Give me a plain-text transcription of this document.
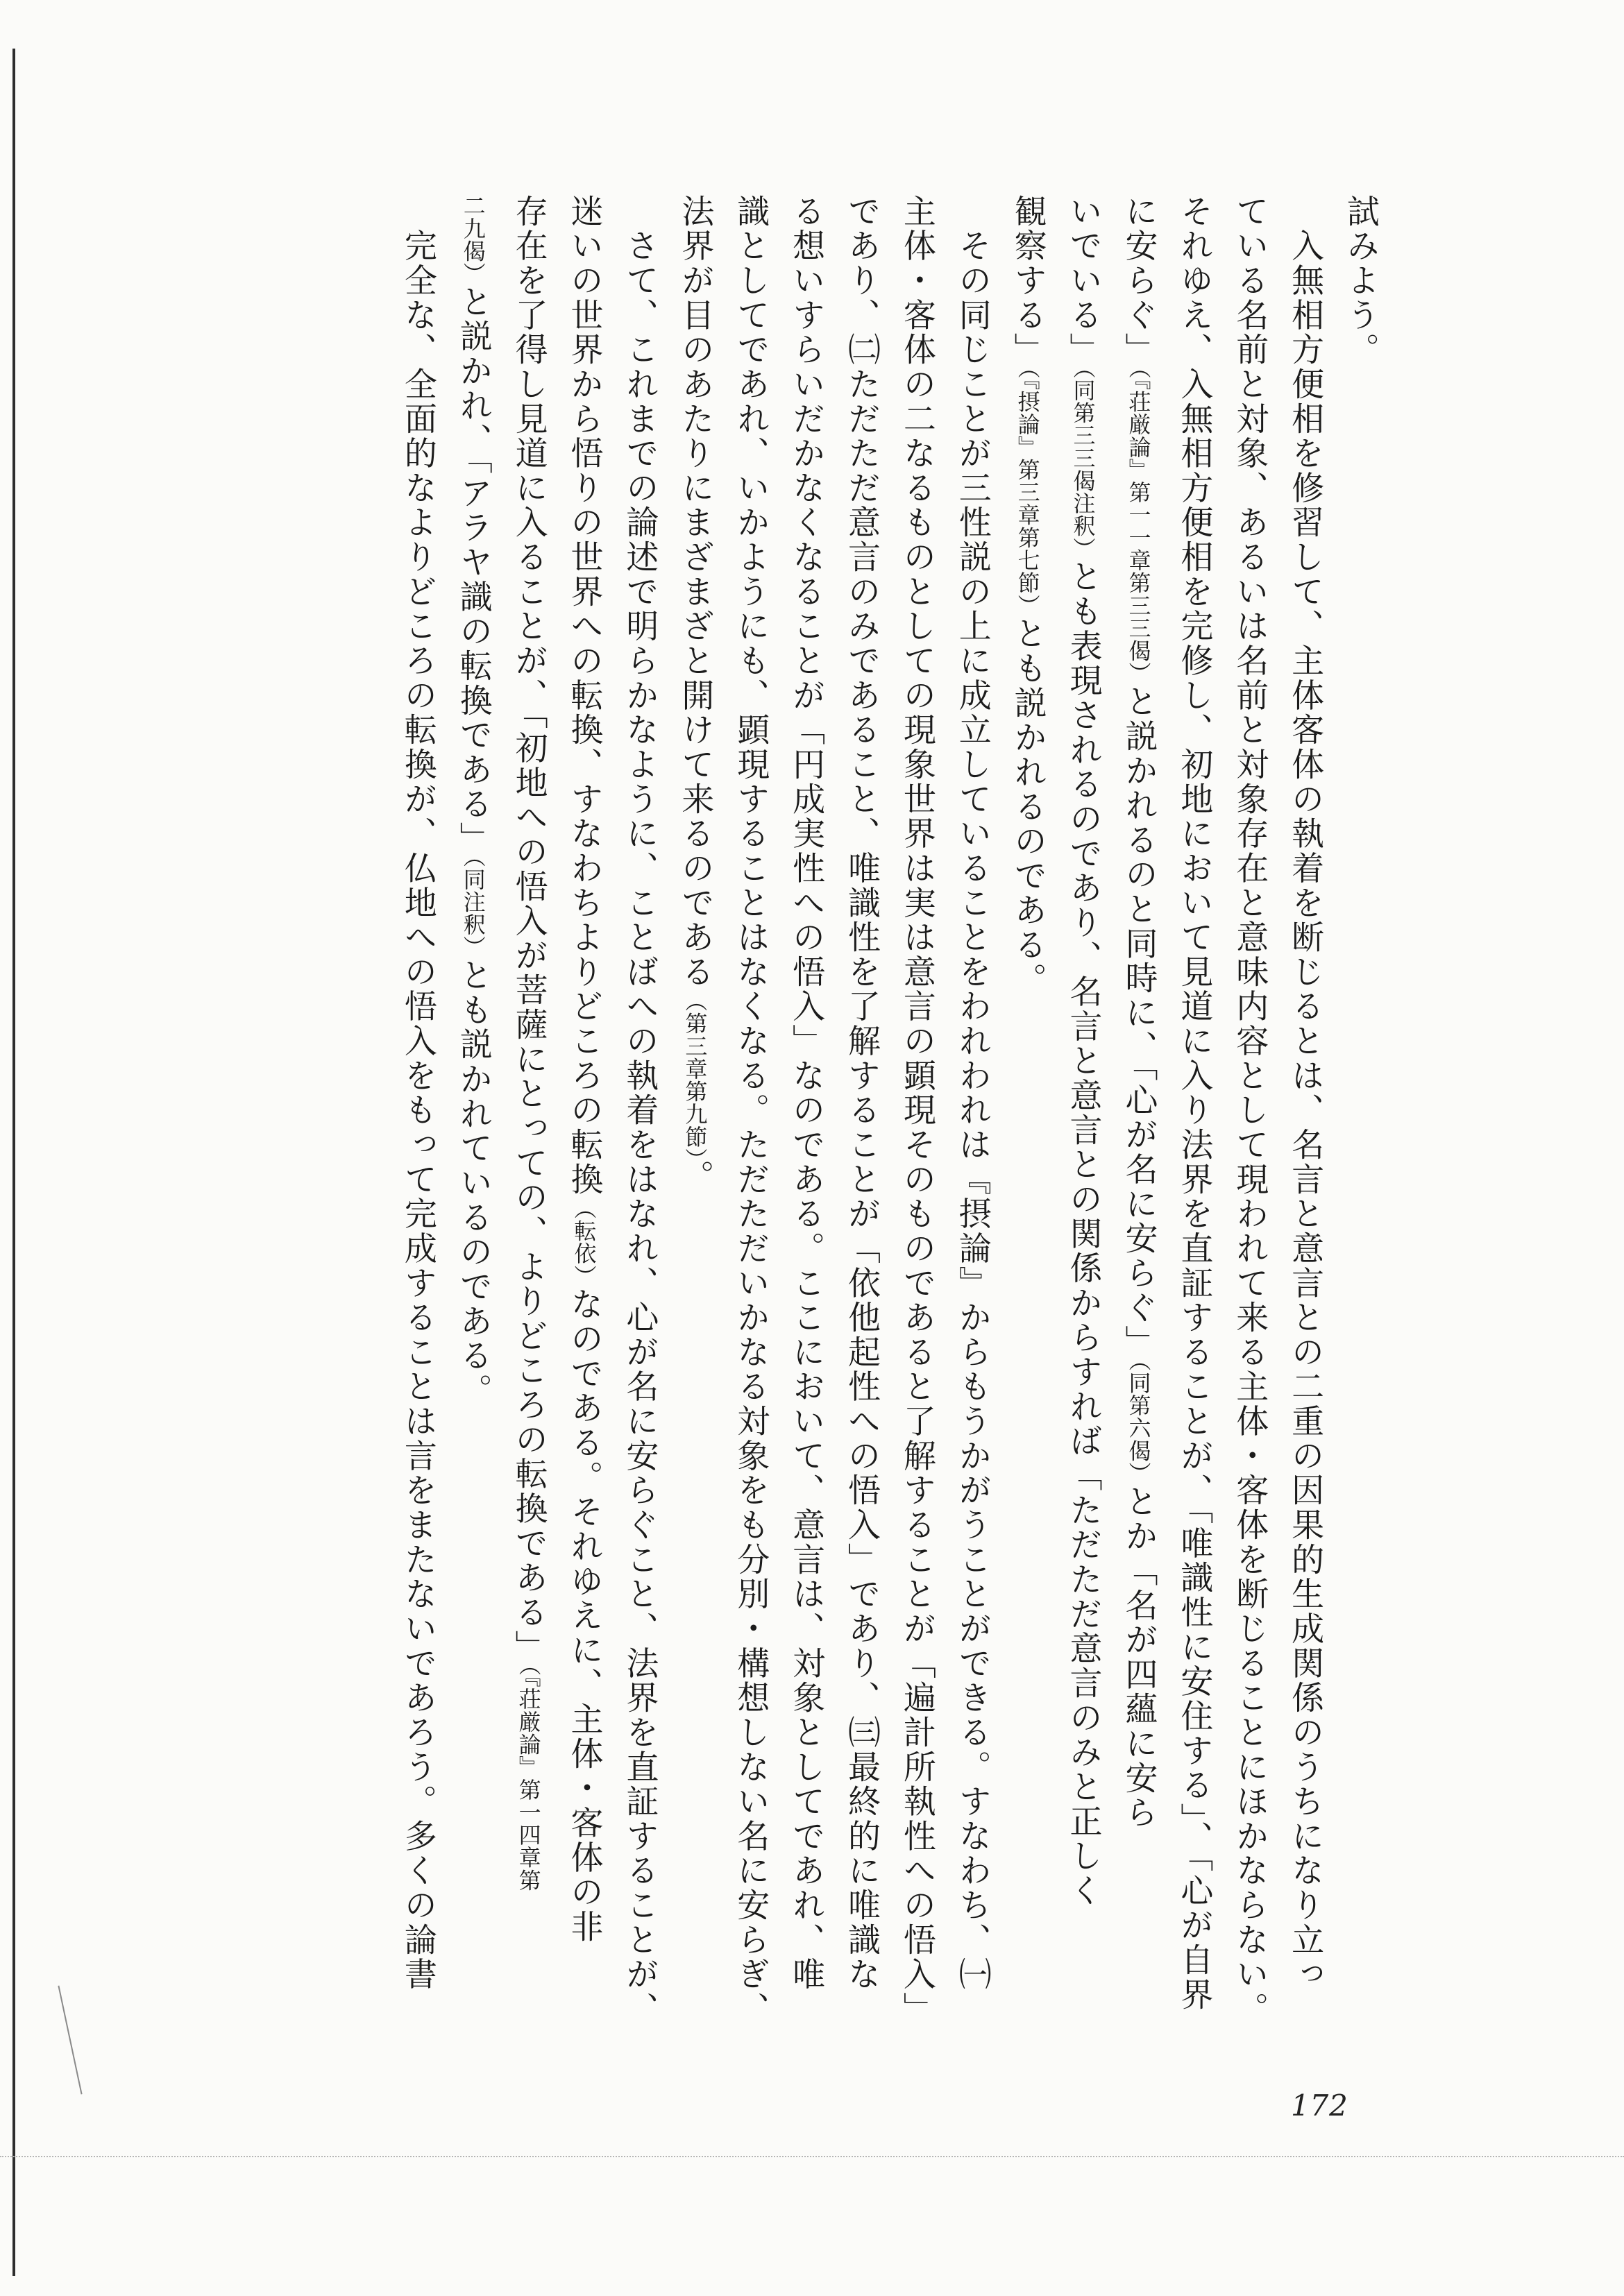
試みよう。

　入無相方便相を修習して、主体客体の執着を断じるとは、名言と意言との二重の因果的生成関係のうちになり立っ

ている名前と対象、あるいは名前と対象存在と意味内容として現われて来る主体・客体を断じることにほかならない。

それゆえ、入無相方便相を完修し、初地において見道に入り法界を直証することが、「唯識性に安住する」、「心が自界

に安らぐ」（『荘厳論』第一一章第三三偈）と説かれるのと同時に、「心が名に安らぐ」（同第六偈）とか「名が四蘊に安ら

いでいる」（同第三三偈注釈）とも表現されるのであり、名言と意言との関係からすれば「ただただ意言のみと正しく

観察する」（『摂論』第三章第七節）とも説かれるのである。

　その同じことが三性説の上に成立していることをわれわれは『摂論』からもうかがうことができる。すなわち、㈠

主体・客体の二なるものとしての現象世界は実は意言の顕現そのものであると了解することが「遍計所執性への悟入」

であり、㈡ただただ意言のみであること、唯識性を了解することが「依他起性への悟入」であり、㈢最終的に唯識な

る想いすらいだかなくなることが「円成実性への悟入」なのである。ここにおいて、意言は、対象としてであれ、唯

識としてであれ、いかようにも、顕現することはなくなる。ただただいかなる対象をも分別・構想しない名に安らぎ、

法界が目のあたりにまざまざと開けて来るのである（第三章第九節）。

　さて、これまでの論述で明らかなように、ことばへの執着をはなれ、心が名に安らぐこと、法界を直証することが、

迷いの世界から悟りの世界への転換、すなわちよりどころの転換（転依）なのである。それゆえに、主体・客体の非

存在を了得し見道に入ることが、「初地への悟入が菩薩にとっての、よりどころの転換である」（『荘厳論』第一四章第

二九偈）と説かれ、「アラヤ識の転換である」（同注釈）とも説かれているのである。

　完全な、全面的なよりどころの転換が、仏地への悟入をもって完成することは言をまたないであろう。多くの論書

172
